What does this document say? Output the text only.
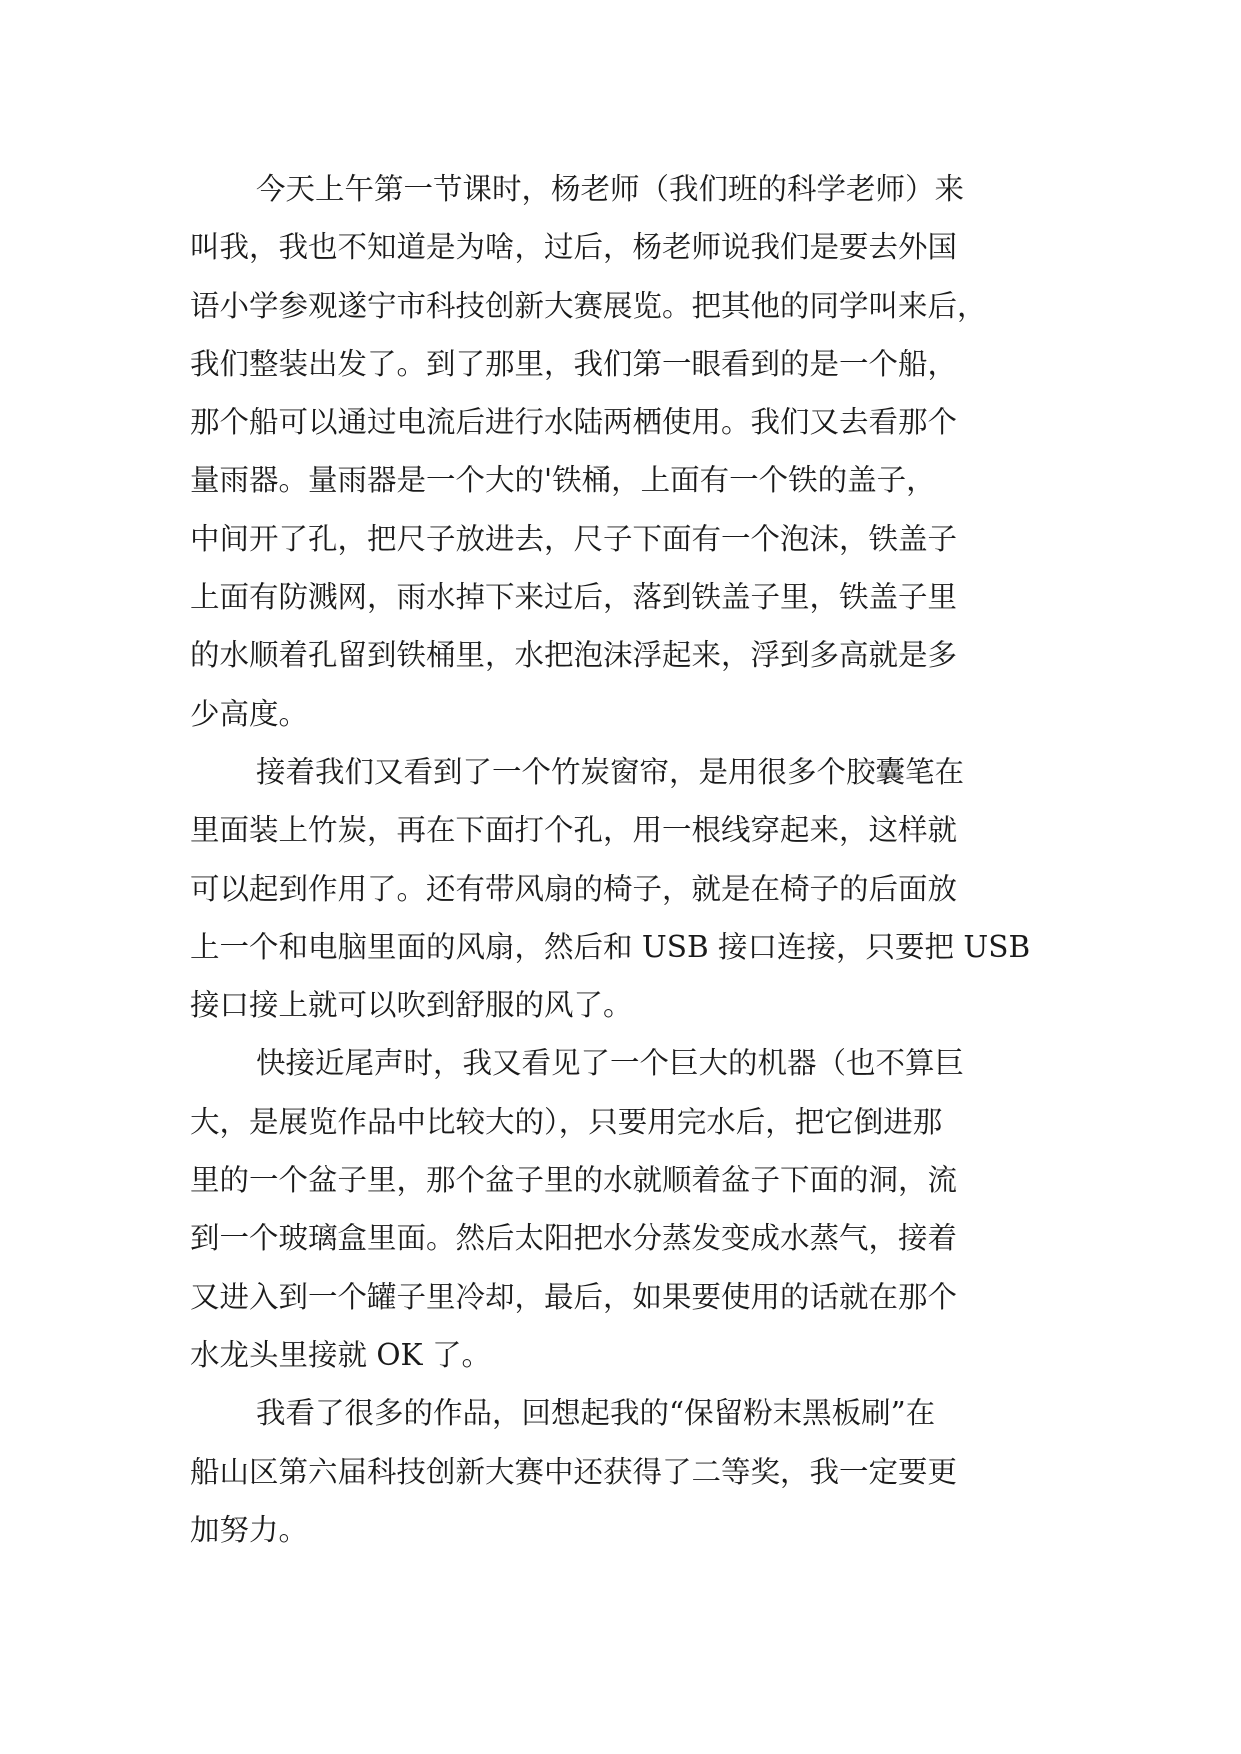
今天上午第一节课时，杨老师（我们班的科学老师）来
叫我，我也不知道是为啥，过后，杨老师说我们是要去外国
语小学参观遂宁市科技创新大赛展览。把其他的同学叫来后，
我们整装出发了。到了那里，我们第一眼看到的是一个船，
那个船可以通过电流后进行水陆两栖使用。我们又去看那个
量雨器。量雨器是一个大的'铁桶，上面有一个铁的盖子，
中间开了孔，把尺子放进去，尺子下面有一个泡沫，铁盖子
上面有防溅网，雨水掉下来过后，落到铁盖子里，铁盖子里
的水顺着孔留到铁桶里，水把泡沫浮起来，浮到多高就是多
少高度。
接着我们又看到了一个竹炭窗帘，是用很多个胶囊笔在
里面装上竹炭，再在下面打个孔，用一根线穿起来，这样就
可以起到作用了。还有带风扇的椅子，就是在椅子的后面放
上一个和电脑里面的风扇，然后和 USB 接口连接，只要把 USB
接口接上就可以吹到舒服的风了。
快接近尾声时，我又看见了一个巨大的机器（也不算巨
大，是展览作品中比较大的），只要用完水后，把它倒进那
里的一个盆子里，那个盆子里的水就顺着盆子下面的洞，流
到一个玻璃盒里面。然后太阳把水分蒸发变成水蒸气，接着
又进入到一个罐子里冷却，最后，如果要使用的话就在那个
水龙头里接就 OK 了。
我看了很多的作品，回想起我的“保留粉末黑板刷”在
船山区第六届科技创新大赛中还获得了二等奖，我一定要更
加努力。
